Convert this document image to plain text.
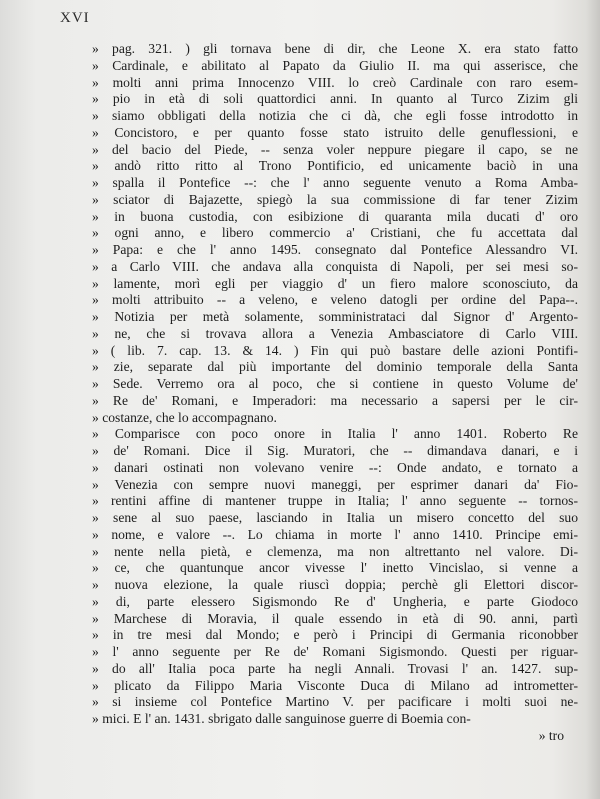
XVI
» pag. 321. ) gli tornava bene di dir, che Leone X. era stato fatto
» Cardinale, e abilitato al Papato da Giulio II. ma qui asserisce, che
» molti anni prima Innocenzo VIII. lo creò Cardinale con raro esem-
» pio in età di soli quattordici anni. In quanto al Turco Zizim gli
» siamo obbligati della notizia che ci dà, che egli fosse introdotto in
» Concistoro, e per quanto fosse stato istruito delle genuflessioni, e
» del bacio del Piede, -- senza voler neppure piegare il capo, se ne
» andò ritto ritto al Trono Pontificio, ed unicamente baciò in una
» spalla il Pontefice --: che l' anno seguente venuto a Roma Amba-
» sciator di Bajazette, spiegò la sua commissione di far tener Zizim
» in buona custodia, con esibizione di quaranta mila ducati d' oro
» ogni anno, e libero commercio a' Cristiani, che fu accettata dal
» Papa: e che l' anno 1495. consegnato dal Pontefice Alessandro VI.
» a Carlo VIII. che andava alla conquista di Napoli, per sei mesi so-
» lamente, morì egli per viaggio d' un fiero malore sconosciuto, da
» molti attribuito -- a veleno, e veleno datogli per ordine del Papa--.
» Notizia per metà solamente, somministrataci dal Signor d' Argento-
» ne, che si trovava allora a Venezia Ambasciatore di Carlo VIII.
» ( lib. 7. cap. 13. & 14. ) Fin qui può bastare delle azioni Pontifi-
» zie, separate dal più importante del dominio temporale della Santa
» Sede. Verremo ora al poco, che si contiene in questo Volume de'
» Re de' Romani, e Imperadori: ma necessario a sapersi per le cir-
» costanze, che lo accompagnano.
» Comparisce con poco onore in Italia l' anno 1401. Roberto Re
» de' Romani. Dice il Sig. Muratori, che -- dimandava danari, e i
» danari ostinati non volevano venire --: Onde andato, e tornato a
» Venezia con sempre nuovi maneggi, per esprimer danari da' Fio-
» rentini affine di mantener truppe in Italia; l' anno seguente -- tornos-
» sene al suo paese, lasciando in Italia un misero concetto del suo
» nome, e valore --. Lo chiama in morte l' anno 1410. Principe emi-
» nente nella pietà, e clemenza, ma non altrettanto nel valore. Di-
» ce, che quantunque ancor vivesse l' inetto Vincislao, si venne a
» nuova elezione, la quale riuscì doppia; perchè gli Elettori discor-
» di, parte elessero Sigismondo Re d' Ungheria, e parte Giodoco
» Marchese di Moravia, il quale essendo in età di 90. anni, partì
» in tre mesi dal Mondo; e però i Principi di Germania riconobber
» l' anno seguente per Re de' Romani Sigismondo. Questi per riguar-
» do all' Italia poca parte ha negli Annali. Trovasi l' an. 1427. sup-
» plicato da Filippo Maria Visconte Duca di Milano ad intrometter-
» si insieme col Pontefice Martino V. per pacificare i molti suoi ne-
» mici. E l' an. 1431. sbrigato dalle sanguinose guerre di Boemia con-
» tro
